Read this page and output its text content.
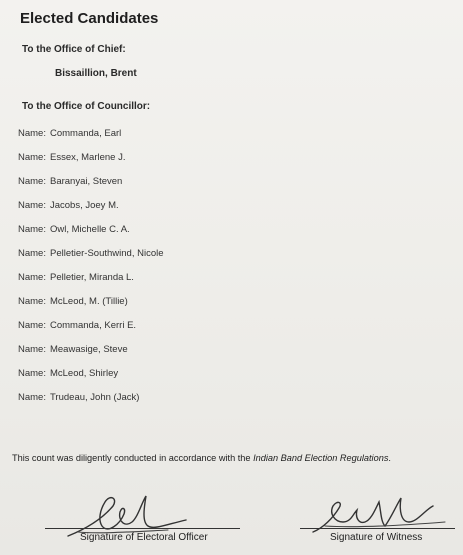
Elected Candidates
To the Office of Chief:
Bissaillion, Brent
To the Office of Councillor:
Name: Commanda, Earl
Name: Essex, Marlene J.
Name: Baranyai, Steven
Name: Jacobs, Joey M.
Name: Owl, Michelle C. A.
Name: Pelletier-Southwind, Nicole
Name: Pelletier, Miranda L.
Name: McLeod, M. (Tillie)
Name: Commanda, Kerri E.
Name: Meawasige, Steve
Name: McLeod, Shirley
Name: Trudeau, John (Jack)
This count was diligently conducted in accordance with the Indian Band Election Regulations.
Signature of Electoral Officer	Signature of Witness
